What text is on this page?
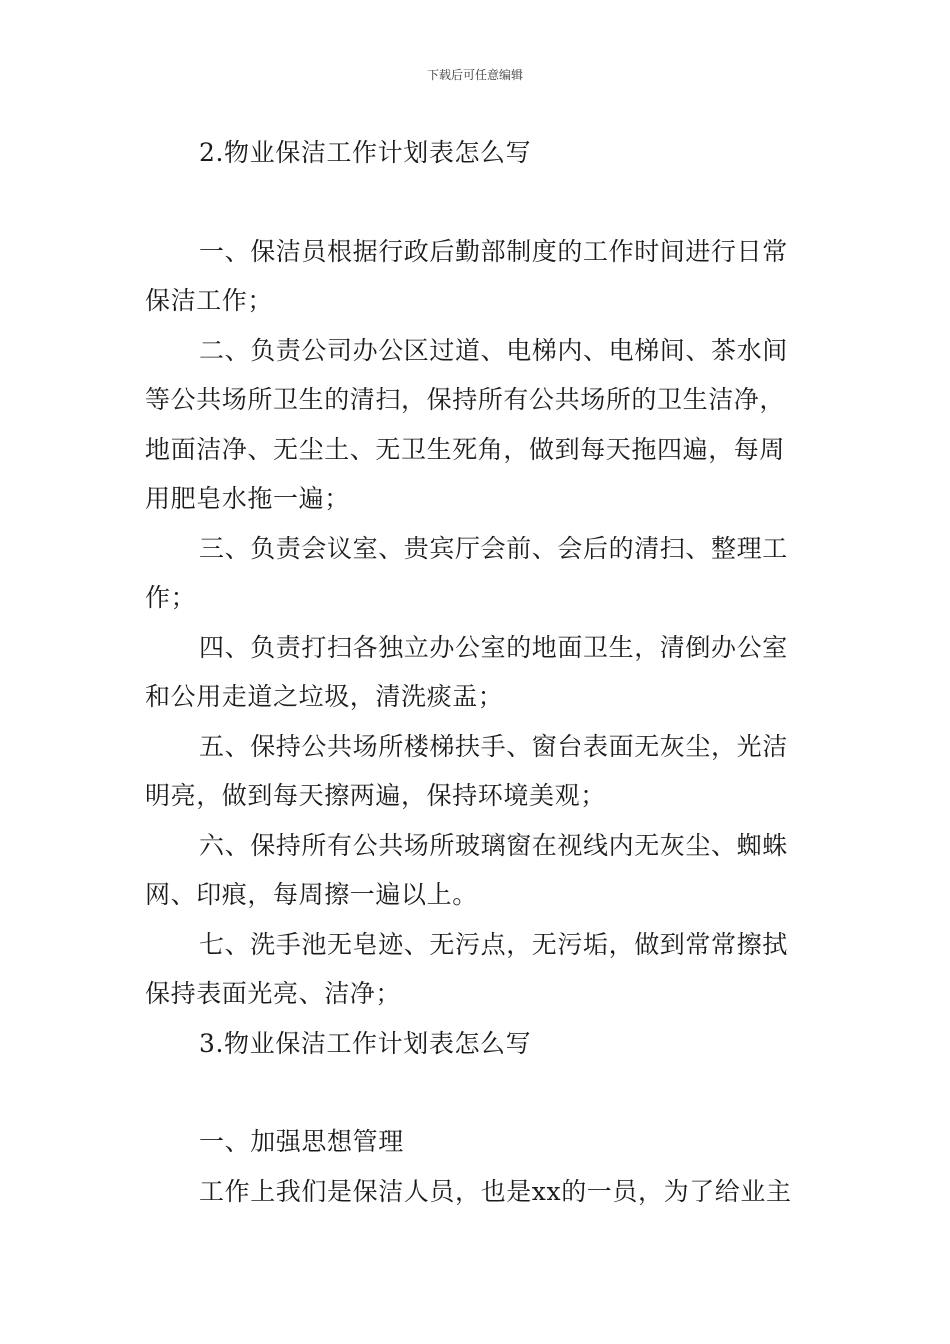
下载后可任意编辑

2.物业保洁工作计划表怎么写

一、保洁员根据行政后勤部制度的工作时间进行日常保洁工作；

二、负责公司办公区过道、电梯内、电梯间、茶水间等公共场所卫生的清扫，保持所有公共场所的卫生洁净，地面洁净、无尘土、无卫生死角，做到每天拖四遍，每周用肥皂水拖一遍；

三、负责会议室、贵宾厅会前、会后的清扫、整理工作；

四、负责打扫各独立办公室的地面卫生，清倒办公室和公用走道之垃圾，清洗痰盂；

五、保持公共场所楼梯扶手、窗台表面无灰尘，光洁明亮，做到每天擦两遍，保持环境美观；

六、保持所有公共场所玻璃窗在视线内无灰尘、蜘蛛网、印痕，每周擦一遍以上。

七、洗手池无皂迹、无污点，无污垢，做到常常擦拭保持表面光亮、洁净；

3.物业保洁工作计划表怎么写

一、加强思想管理

工作上我们是保洁人员，也是xx的一员，为了给业主
